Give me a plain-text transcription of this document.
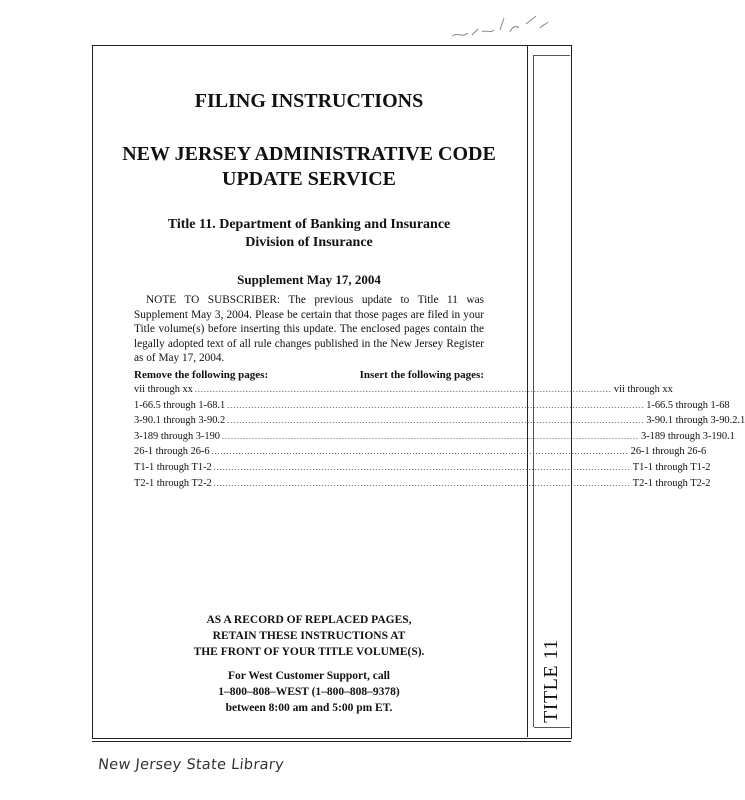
TITLE 11
FILING INSTRUCTIONS
NEW JERSEY ADMINISTRATIVE CODE
UPDATE SERVICE
Title 11. Department of Banking and Insurance
Division of Insurance
Supplement May 17, 2004
NOTE TO SUBSCRIBER: The previous update to Title 11 was Supplement May 3, 2004. Please be certain that those pages are filed in your Title volume(s) before inserting this update. The enclosed pages contain the legally adopted text of all rule changes published in the New Jersey Register as of May 17, 2004.
Remove the following pages:	Insert the following pages:
vii through xx ........................................................................................................................................... vii through xx
1-66.5 through 1-68.1 ........................................................................................................................................... 1-66.5 through 1-68
3-90.1 through 3-90.2 ........................................................................................................................................... 3-90.1 through 3-90.2.1
3-189 through 3-190 ........................................................................................................................................... 3-189 through 3-190.1
26-1 through 26-6 ........................................................................................................................................... 26-1 through 26-6
T1-1 through T1-2 ........................................................................................................................................... T1-1 through T1-2
T2-1 through T2-2 ........................................................................................................................................... T2-1 through T2-2
AS A RECORD OF REPLACED PAGES,
RETAIN THESE INSTRUCTIONS AT
THE FRONT OF YOUR TITLE VOLUME(S).
For West Customer Support, call
1–800–808–WEST (1–800–808–9378)
between 8:00 am and 5:00 pm ET.
New Jersey State Library
